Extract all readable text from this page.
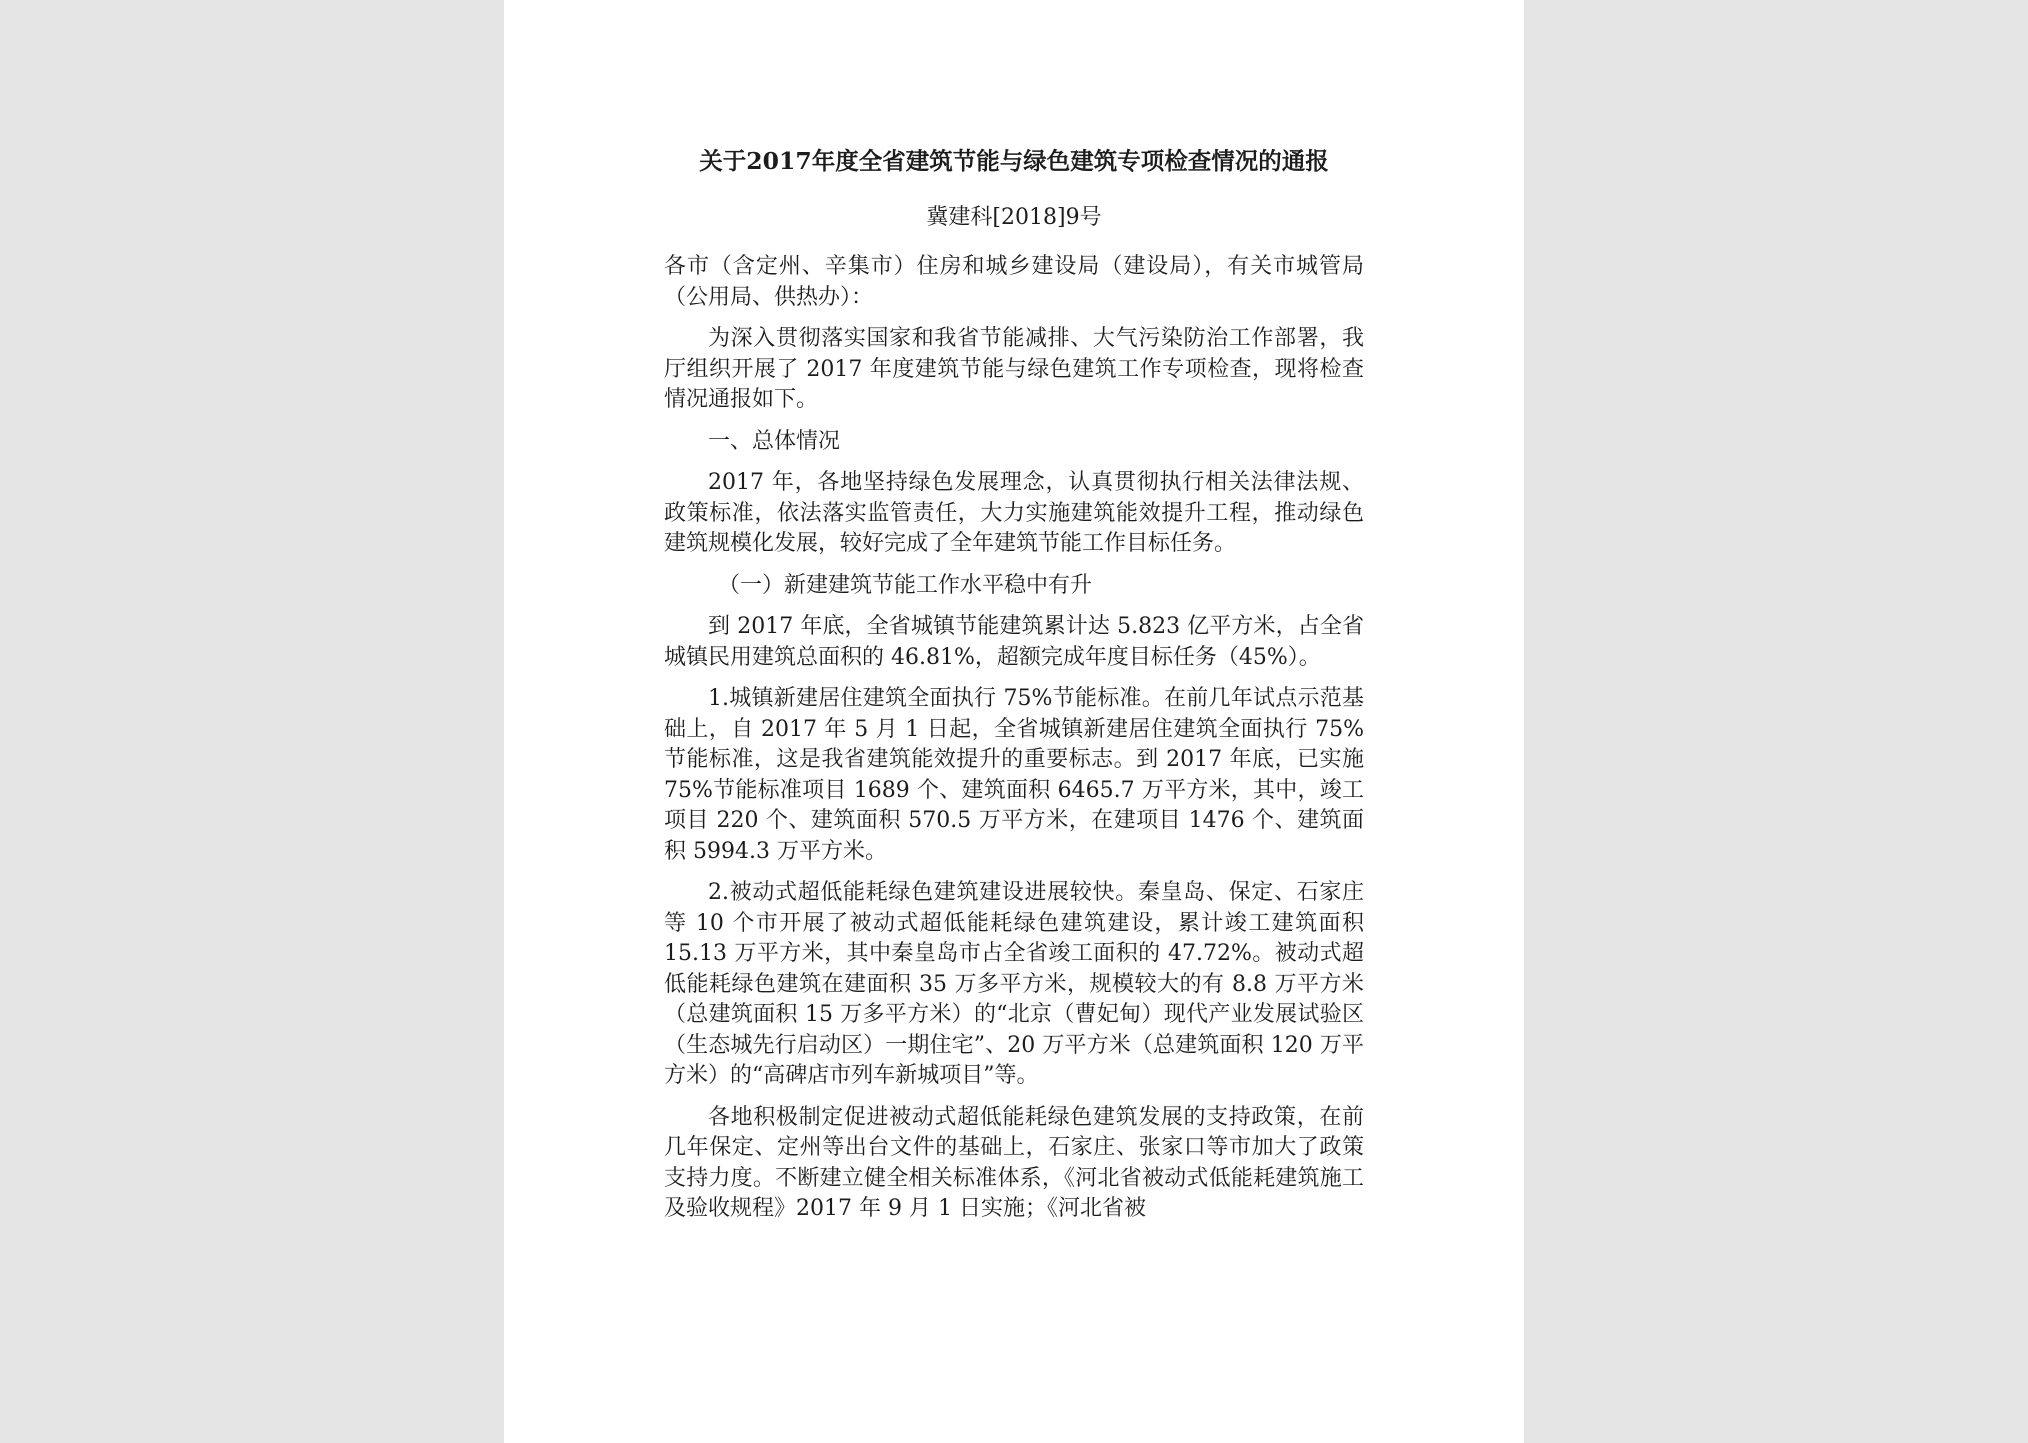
关于2017年度全省建筑节能与绿色建筑专项检查情况的通报
冀建科[2018]9号
各市（含定州、辛集市）住房和城乡建设局（建设局），有关市城管局（公用局、供热办）：
为深入贯彻落实国家和我省节能减排、大气污染防治工作部署，我厅组织开展了 2017 年度建筑节能与绿色建筑工作专项检查，现将检查情况通报如下。
一、总体情况
2017 年，各地坚持绿色发展理念，认真贯彻执行相关法律法规、政策标准，依法落实监管责任，大力实施建筑能效提升工程，推动绿色建筑规模化发展，较好完成了全年建筑节能工作目标任务。
（一）新建建筑节能工作水平稳中有升
到 2017 年底，全省城镇节能建筑累计达 5.823 亿平方米，占全省城镇民用建筑总面积的 46.81%，超额完成年度目标任务（45%）。
1.城镇新建居住建筑全面执行 75%节能标准。在前几年试点示范基础上，自 2017 年 5 月 1 日起，全省城镇新建居住建筑全面执行 75%节能标准，这是我省建筑能效提升的重要标志。到 2017 年底，已实施 75%节能标准项目 1689 个、建筑面积 6465.7 万平方米，其中，竣工项目 220 个、建筑面积 570.5 万平方米，在建项目 1476 个、建筑面积 5994.3 万平方米。
2.被动式超低能耗绿色建筑建设进展较快。秦皇岛、保定、石家庄等 10 个市开展了被动式超低能耗绿色建筑建设，累计竣工建筑面积 15.13 万平方米，其中秦皇岛市占全省竣工面积的 47.72%。被动式超低能耗绿色建筑在建面积 35 万多平方米，规模较大的有 8.8 万平方米（总建筑面积 15 万多平方米）的“北京（曹妃甸）现代产业发展试验区（生态城先行启动区）一期住宅”、20 万平方米（总建筑面积 120 万平方米）的“高碑店市列车新城项目”等。
各地积极制定促进被动式超低能耗绿色建筑发展的支持政策，在前几年保定、定州等出台文件的基础上，石家庄、张家口等市加大了政策支持力度。不断建立健全相关标准体系，《河北省被动式低能耗建筑施工及验收规程》2017 年 9 月 1 日实施；《河北省被
